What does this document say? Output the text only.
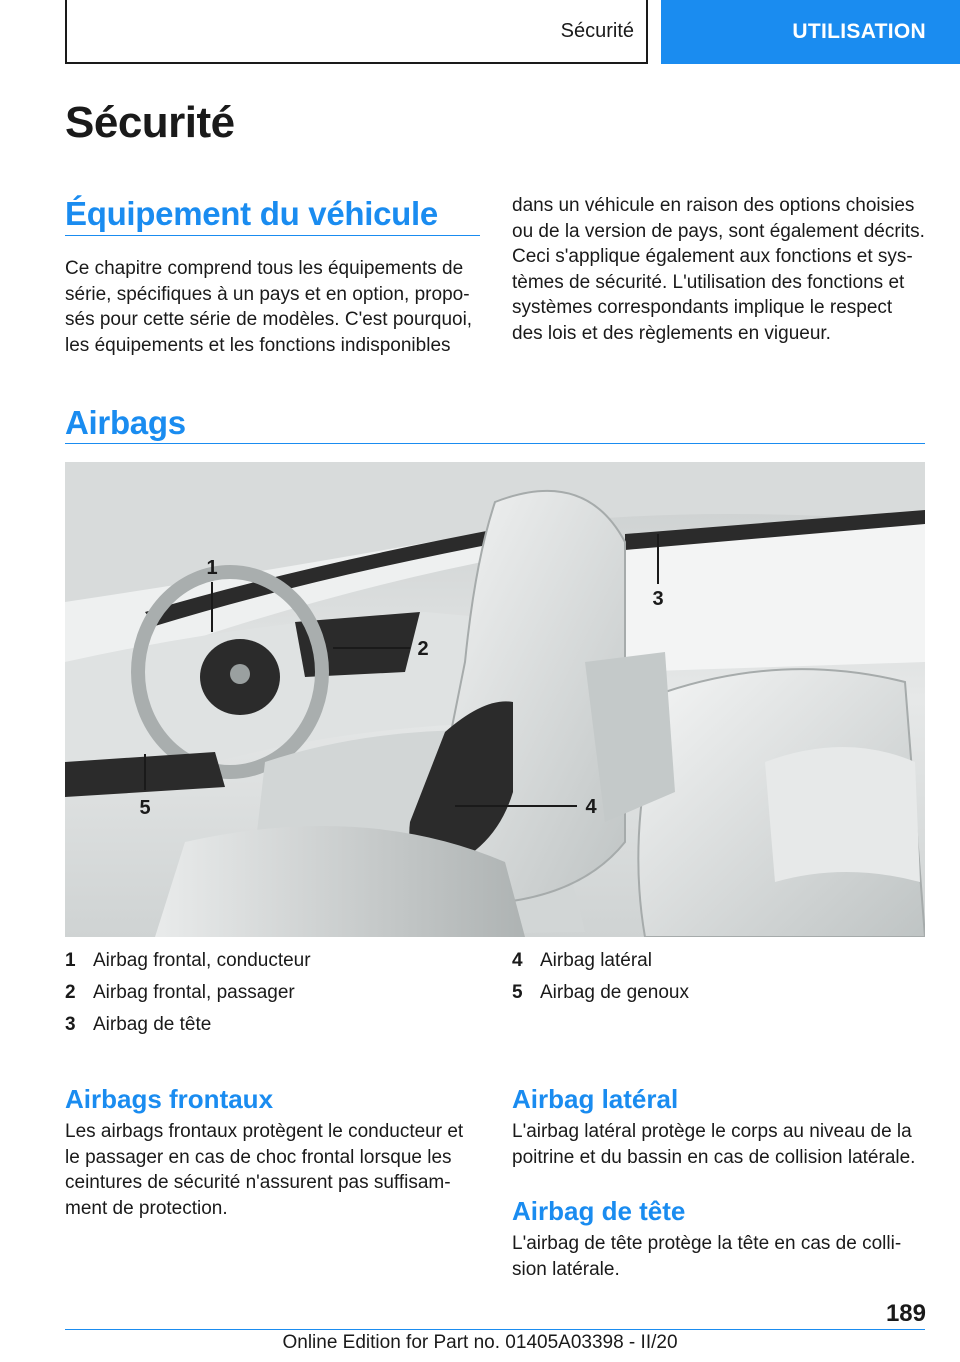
Sécurité	UTILISATION
Sécurité
Équipement du véhicule

Ce chapitre comprend tous les équipements de série, spécifiques à un pays et en option, propo-sés pour cette série de modèles. C'est pourquoi, les équipements et les fonctions indisponibles

dans un véhicule en raison des options choisies ou de la version de pays, sont également décrits. Ceci s'applique également aux fonctions et sys-tèmes de sécurité. L'utilisation des fonctions et systèmes correspondants implique le respect des lois et des règlements en vigueur.

Airbags
1
2
3
4
5
1 Airbag frontal, conducteur
2 Airbag frontal, passager
3 Airbag de tête
4 Airbag latéral
5 Airbag de genoux
Airbags frontaux

Les airbags frontaux protègent le conducteur et le passager en cas de choc frontal lorsque les ceintures de sécurité n'assurent pas suffisam-ment de protection.

Airbag latéral

L'airbag latéral protège le corps au niveau de la poitrine et du bassin en cas de collision latérale.

Airbag de tête

L'airbag de tête protège la tête en cas de colli-sion latérale.

189
Online Edition for Part no. 01405A03398 - II/20
